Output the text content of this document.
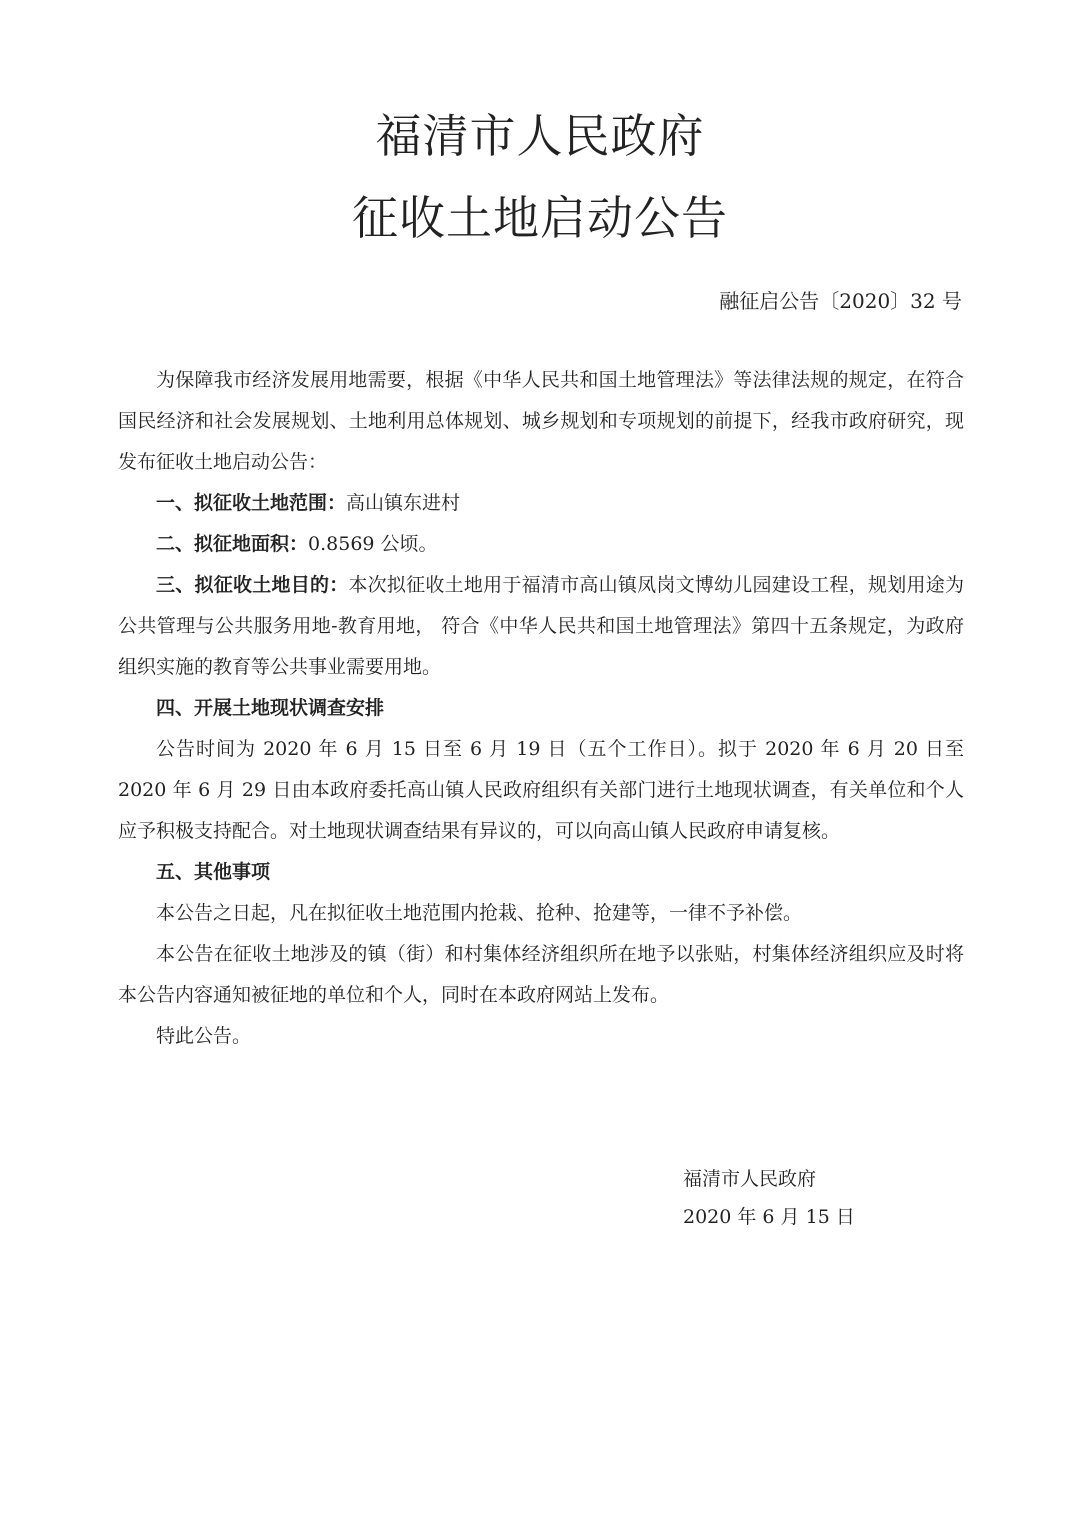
福清市人民政府
征收土地启动公告
融征启公告〔2020〕32 号

为保障我市经济发展用地需要，根据《中华人民共和国土地管理法》等法律法规的规定，在符合国民经济和社会发展规划、土地利用总体规划、城乡规划和专项规划的前提下，经我市政府研究，现发布征收土地启动公告：

一、拟征收土地范围：高山镇东进村

二、拟征地面积：0.8569 公顷。

三、拟征收土地目的：本次拟征收土地用于福清市高山镇凤岗文博幼儿园建设工程，规划用途为公共管理与公共服务用地-教育用地， 符合《中华人民共和国土地管理法》第四十五条规定，为政府组织实施的教育等公共事业需要用地。

四、开展土地现状调查安排

公告时间为 2020 年 6 月 15 日至 6 月 19 日（五个工作日）。拟于 2020 年 6 月 20 日至 2020 年 6 月 29 日由本政府委托高山镇人民政府组织有关部门进行土地现状调查，有关单位和个人应予积极支持配合。对土地现状调查结果有异议的，可以向高山镇人民政府申请复核。

五、其他事项

本公告之日起，凡在拟征收土地范围内抢栽、抢种、抢建等，一律不予补偿。

本公告在征收土地涉及的镇（街）和村集体经济组织所在地予以张贴，村集体经济组织应及时将本公告内容通知被征地的单位和个人，同时在本政府网站上发布。

特此公告。

福清市人民政府
2020 年 6 月 15 日
